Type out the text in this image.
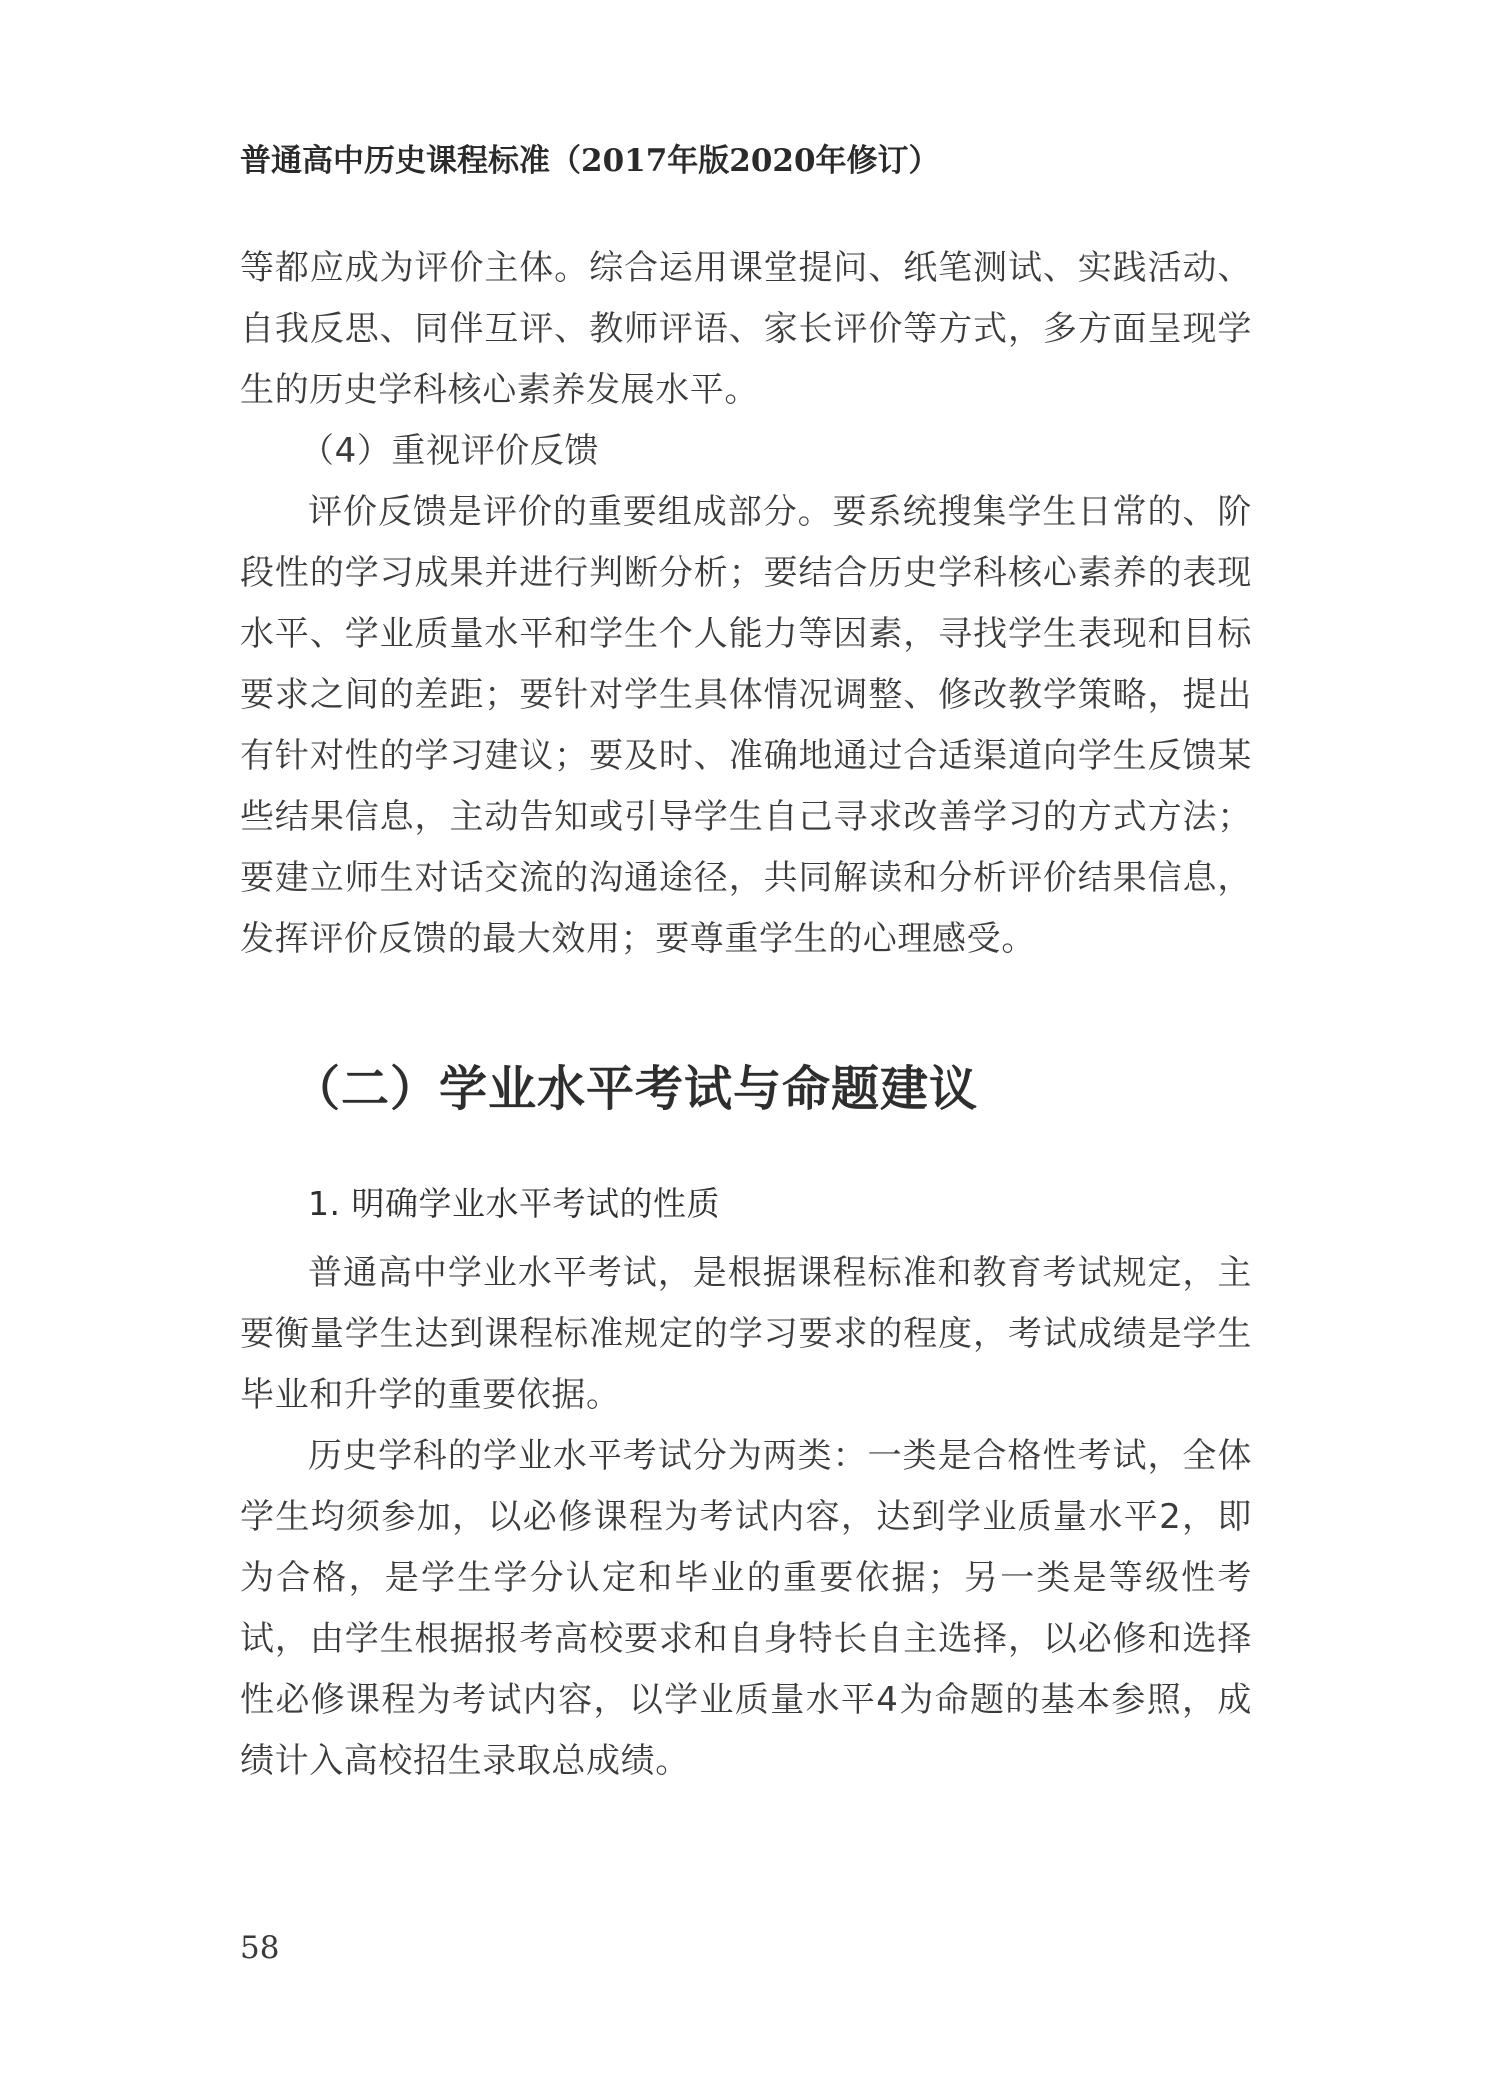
普通高中历史课程标准（2017年版2020年修订）

等都应成为评价主体。综合运用课堂提问、纸笔测试、实践活动、自我反思、同伴互评、教师评语、家长评价等方式，多方面呈现学生的历史学科核心素养发展水平。

（4）重视评价反馈

评价反馈是评价的重要组成部分。要系统搜集学生日常的、阶段性的学习成果并进行判断分析；要结合历史学科核心素养的表现水平、学业质量水平和学生个人能力等因素，寻找学生表现和目标要求之间的差距；要针对学生具体情况调整、修改教学策略，提出有针对性的学习建议；要及时、准确地通过合适渠道向学生反馈某些结果信息，主动告知或引导学生自己寻求改善学习的方式方法；要建立师生对话交流的沟通途径，共同解读和分析评价结果信息，发挥评价反馈的最大效用；要尊重学生的心理感受。

（二）学业水平考试与命题建议
1. 明确学业水平考试的性质

普通高中学业水平考试，是根据课程标准和教育考试规定，主要衡量学生达到课程标准规定的学习要求的程度，考试成绩是学生毕业和升学的重要依据。

历史学科的学业水平考试分为两类：一类是合格性考试，全体学生均须参加，以必修课程为考试内容，达到学业质量水平2，即为合格，是学生学分认定和毕业的重要依据；另一类是等级性考试，由学生根据报考高校要求和自身特长自主选择，以必修和选择性必修课程为考试内容，以学业质量水平4为命题的基本参照，成绩计入高校招生录取总成绩。

58
